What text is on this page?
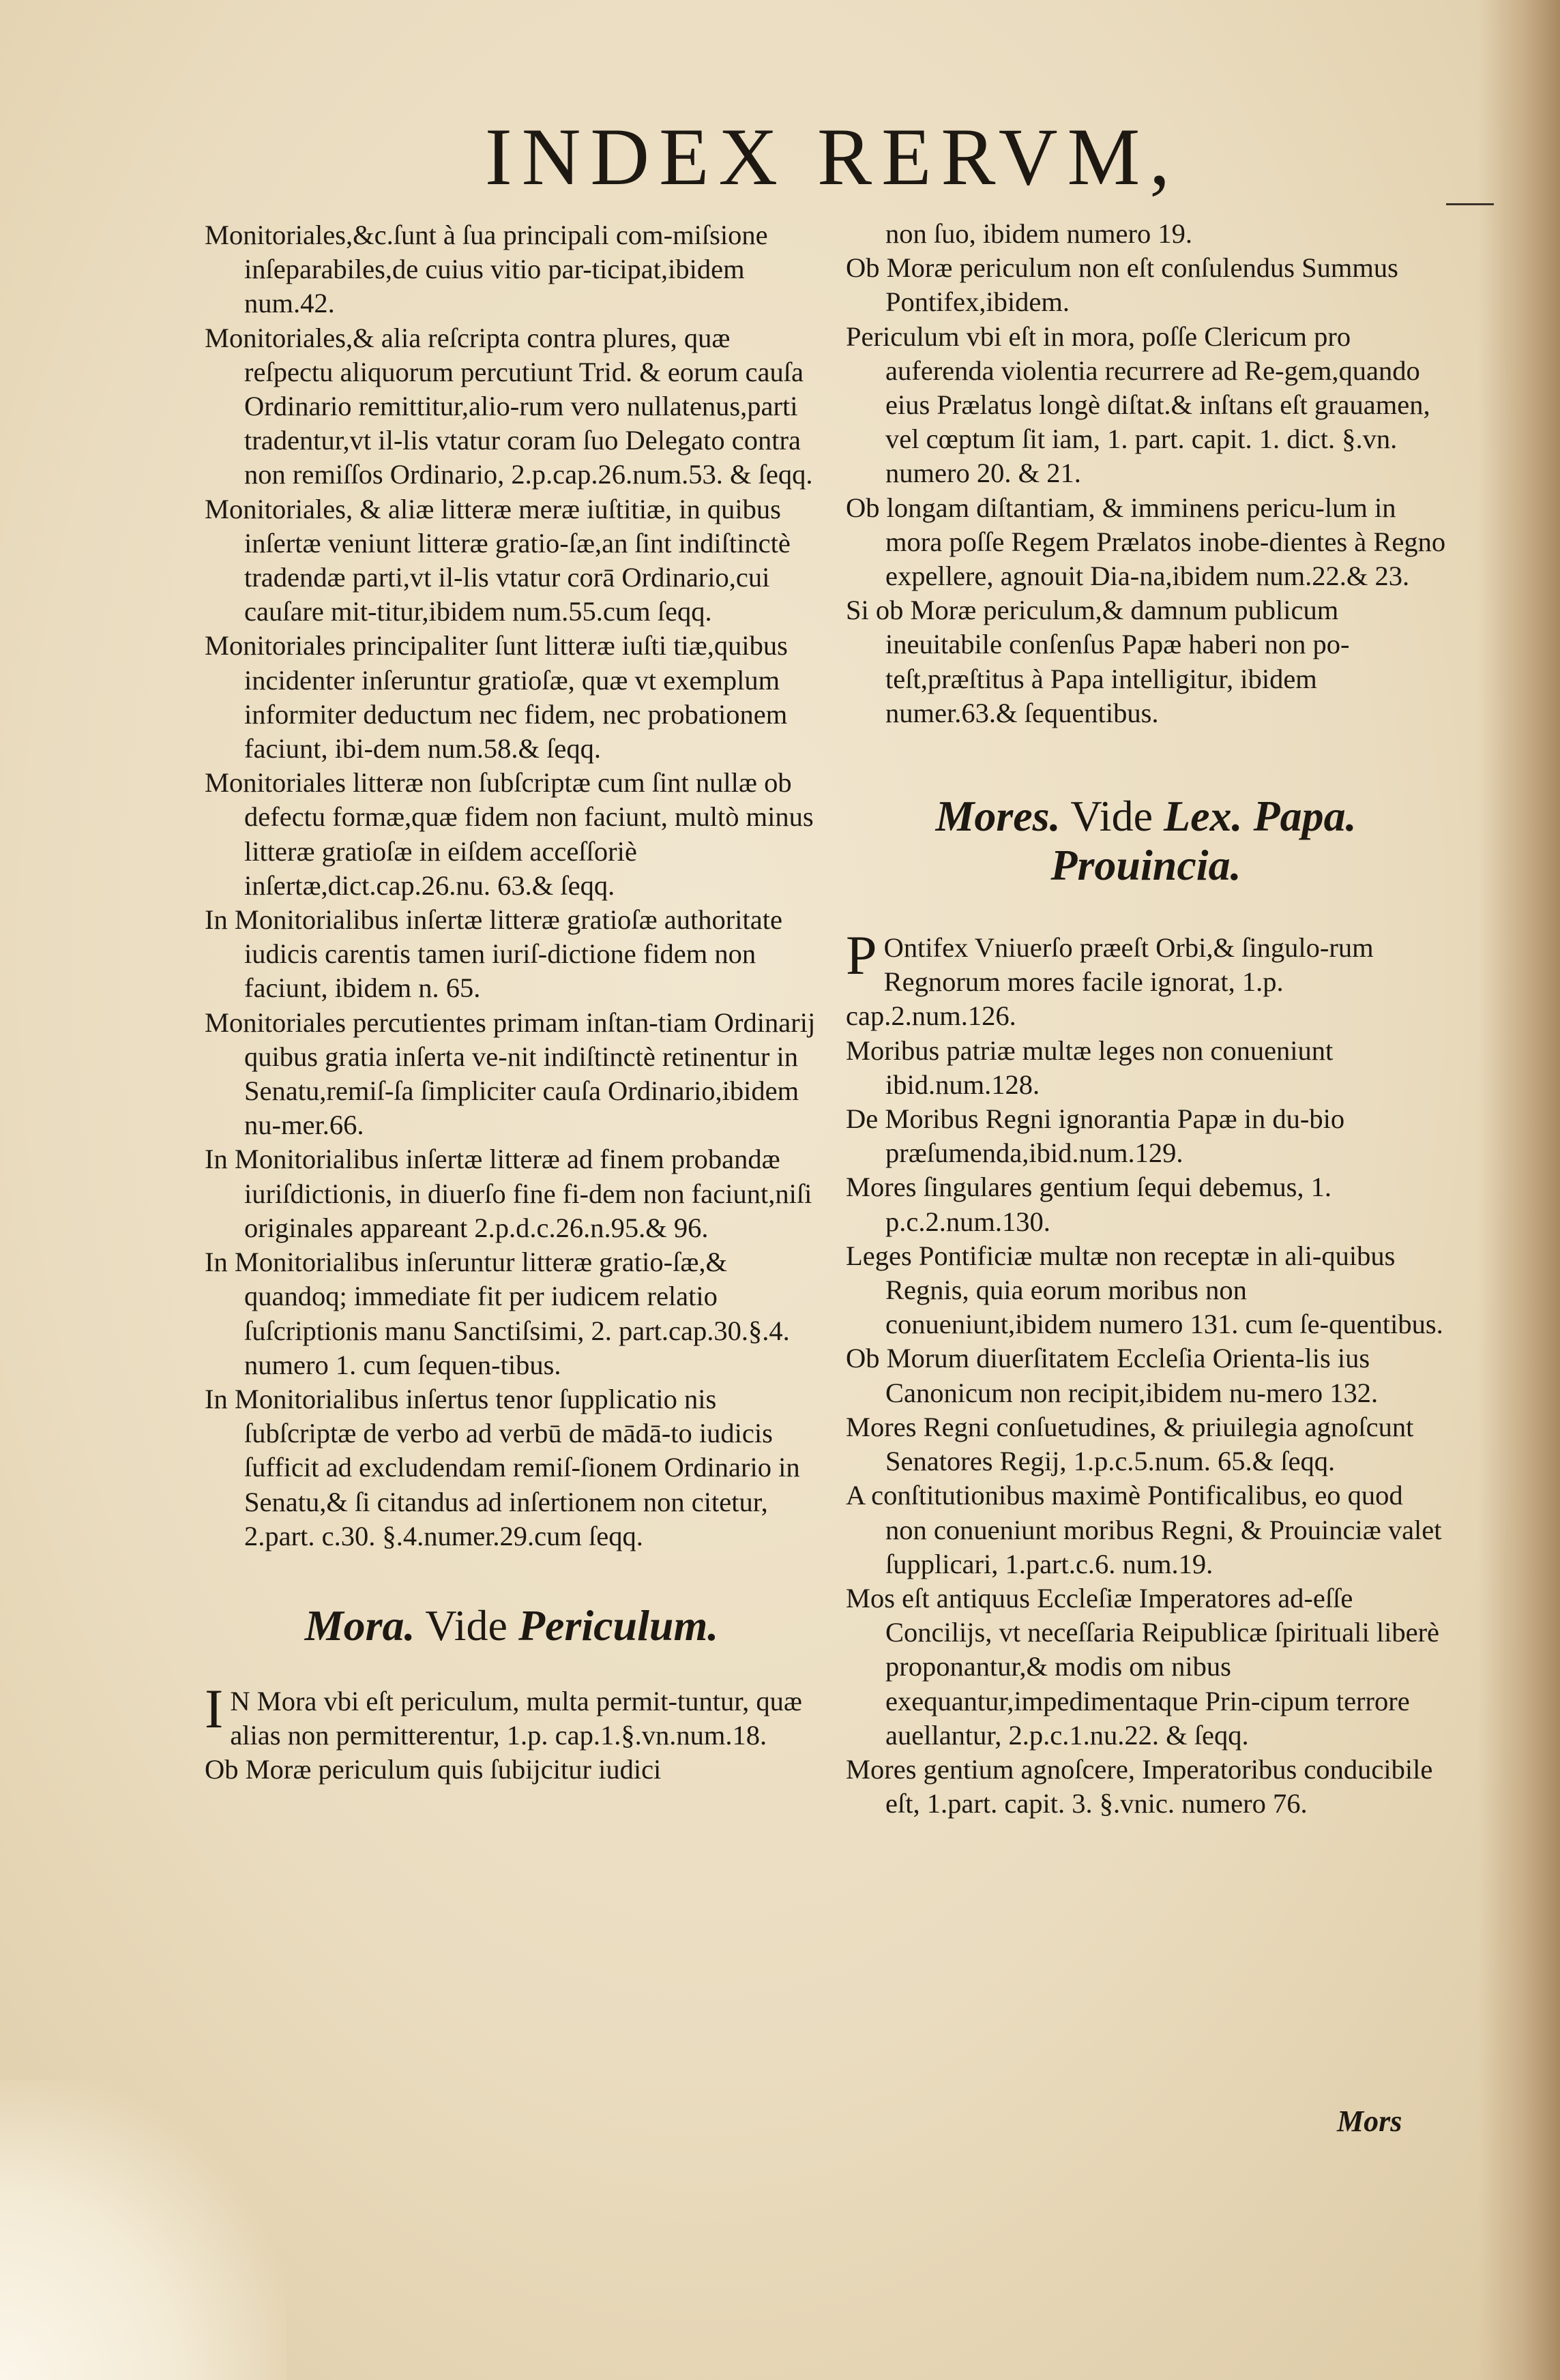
INDEX RERVM,

Monitoriales,&c.ſunt à ſua principali com-miſsione inſeparabiles,de cuius vitio par-ticipat,ibidem num.42.

Monitoriales,& alia reſcripta contra plures, quæ reſpectu aliquorum percutiunt Trid. & eorum cauſa Ordinario remittitur,alio-rum vero nullatenus,parti tradentur,vt il-lis vtatur coram ſuo Delegato contra non remiſſos Ordinario, 2.p.cap.26.num.53. & ſeqq.

Monitoriales, & aliæ litteræ meræ iuſtitiæ, in quibus inſertæ veniunt litteræ gratio-ſæ,an ſint indiſtinctè tradendæ parti,vt il-lis vtatur corā Ordinario,cui cauſare mit-titur,ibidem num.55.cum ſeqq.

Monitoriales principaliter ſunt litteræ iuſti tiæ,quibus incidenter inſeruntur gratioſæ, quæ vt exemplum informiter deductum nec fidem, nec probationem faciunt, ibi-dem num.58.& ſeqq.

Monitoriales litteræ non ſubſcriptæ cum ſint nullæ ob defectu formæ,quæ fidem non faciunt, multò minus litteræ gratioſæ in eiſdem acceſſoriè inſertæ,dict.cap.26.nu. 63.& ſeqq.

In Monitorialibus inſertæ litteræ gratioſæ authoritate iudicis carentis tamen iuriſ-dictione fidem non faciunt, ibidem n. 65.

Monitoriales percutientes primam inſtan-tiam Ordinarij quibus gratia inſerta ve-nit indiſtinctè retinentur in Senatu,remiſ-ſa ſimpliciter cauſa Ordinario,ibidem nu-mer.66.

In Monitorialibus inſertæ litteræ ad finem probandæ iuriſdictionis, in diuerſo fine fi-dem non faciunt,niſi originales appareant 2.p.d.c.26.n.95.& 96.

In Monitorialibus inſeruntur litteræ gratio-ſæ,& quandoq; immediate fit per iudicem relatio ſuſcriptionis manu Sanctiſsimi, 2. part.cap.30.§.4. numero 1. cum ſequen-tibus.

In Monitorialibus inſertus tenor ſupplicatio nis ſubſcriptæ de verbo ad verbū de mādā-to iudicis ſufficit ad excludendam remiſ-ſionem Ordinario in Senatu,& ſi citandus ad inſertionem non citetur, 2.part. c.30. §.4.numer.29.cum ſeqq.

Mora. Vide Periculum.

I N Mora vbi eſt periculum, multa permit-tuntur, quæ alias non permitterentur, 1.p. cap.1.§.vn.num.18.

Ob Moræ periculum quis ſubijcitur iudici

non ſuo, ibidem numero 19.

Ob Moræ periculum non eſt conſulendus Summus Pontifex,ibidem.

Periculum vbi eſt in mora, poſſe Clericum pro auferenda violentia recurrere ad Re-gem,quando eius Prælatus longè diſtat.& inſtans eſt grauamen, vel cœptum ſit iam, 1. part. capit. 1. dict. §.vn. numero 20. & 21.

Ob longam diſtantiam, & imminens pericu-lum in mora poſſe Regem Prælatos inobe-dientes à Regno expellere, agnouit Dia-na,ibidem num.22.& 23.

Si ob Moræ periculum,& damnum publicum ineuitabile conſenſus Papæ haberi non po-teſt,præſtitus à Papa intelligitur, ibidem numer.63.& ſequentibus.

Mores. Vide Lex. Papa.
Prouincia.

P Ontifex Vniuerſo præeſt Orbi,& ſingulo-rum Regnorum mores facile ignorat, 1.p. cap.2.num.126.

Moribus patriæ multæ leges non conueniunt ibid.num.128.

De Moribus Regni ignorantia Papæ in du-bio præſumenda,ibid.num.129.

Mores ſingulares gentium ſequi debemus, 1. p.c.2.num.130.

Leges Pontificiæ multæ non receptæ in ali-quibus Regnis, quia eorum moribus non conueniunt,ibidem numero 131. cum ſe-quentibus.

Ob Morum diuerſitatem Eccleſia Orienta-lis ius Canonicum non recipit,ibidem nu-mero 132.

Mores Regni conſuetudines, & priuilegia agnoſcunt Senatores Regij, 1.p.c.5.num. 65.& ſeqq.

A conſtitutionibus maximè Pontificalibus, eo quod non conueniunt moribus Regni, & Prouinciæ valet ſupplicari, 1.part.c.6. num.19.

Mos eſt antiquus Eccleſiæ Imperatores ad-eſſe Concilijs, vt neceſſaria Reipublicæ ſpirituali liberè proponantur,& modis om nibus exequantur,impedimentaque Prin-cipum terrore auellantur, 2.p.c.1.nu.22. & ſeqq.

Mores gentium agnoſcere, Imperatoribus conducibile eſt, 1.part. capit. 3. §.vnic. numero 76.

Mors
